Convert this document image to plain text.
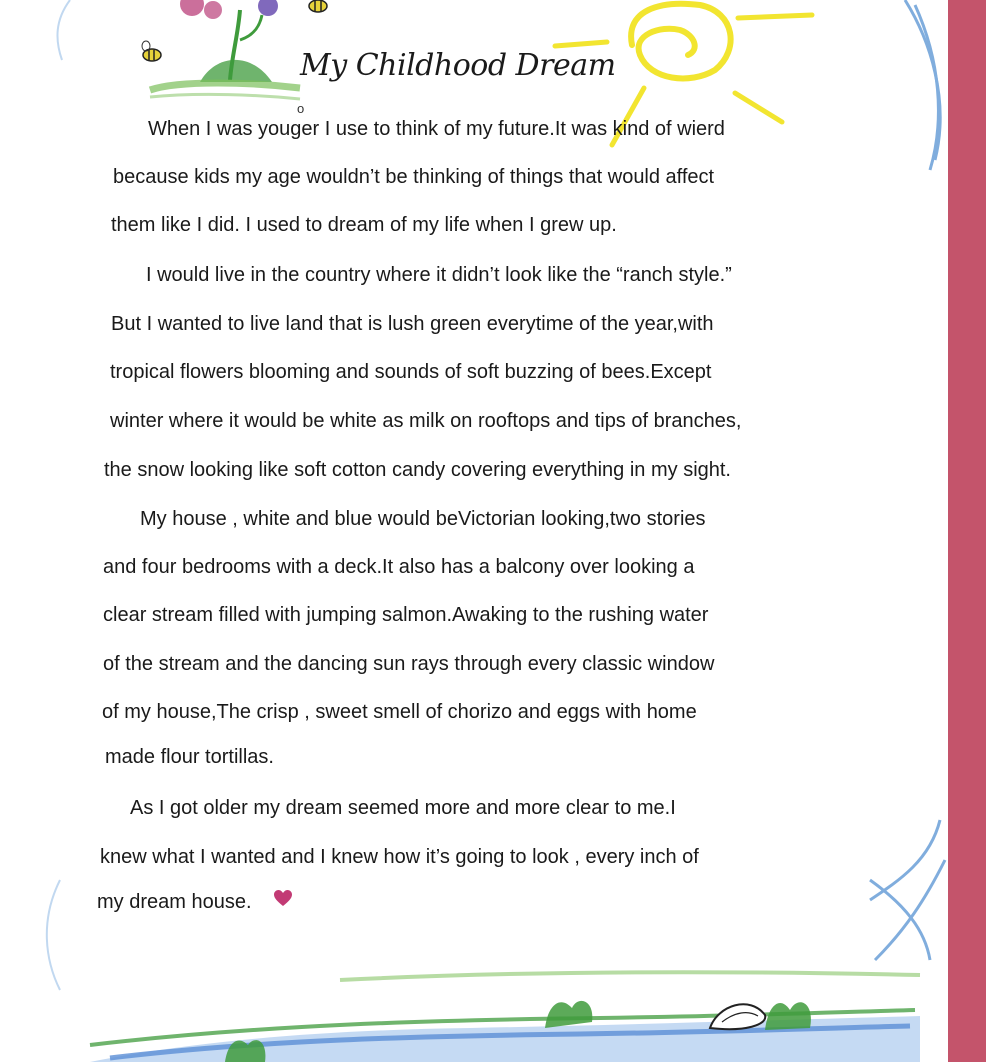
My Childhood Dream
o

When I was youger I use to think of my future.It was kind of wierd

because kids my age wouldn’t be thinking of things that would affect

them like I did. I used to dream of my life when I grew up.

I would live in the country where it didn’t look like the “ranch style.”

But I wanted to live land that is lush green everytime of the year,with

tropical flowers blooming and sounds of soft buzzing of bees.Except

winter where it would be white as milk on rooftops and tips of branches,

the snow looking like soft cotton candy covering everything in my sight.

My house , white and blue would beVictorian looking,two stories

and four bedrooms with a deck.It also has a balcony over looking a

clear stream filled with jumping salmon.Awaking to the rushing water

of the stream and the dancing sun rays through every classic window

of my house,The crisp , sweet smell of chorizo and eggs with home

made flour tortillas.

As I got older my dream seemed more and more clear to me.I

knew what I wanted and I knew how it’s going to look , every inch of

my dream house.
